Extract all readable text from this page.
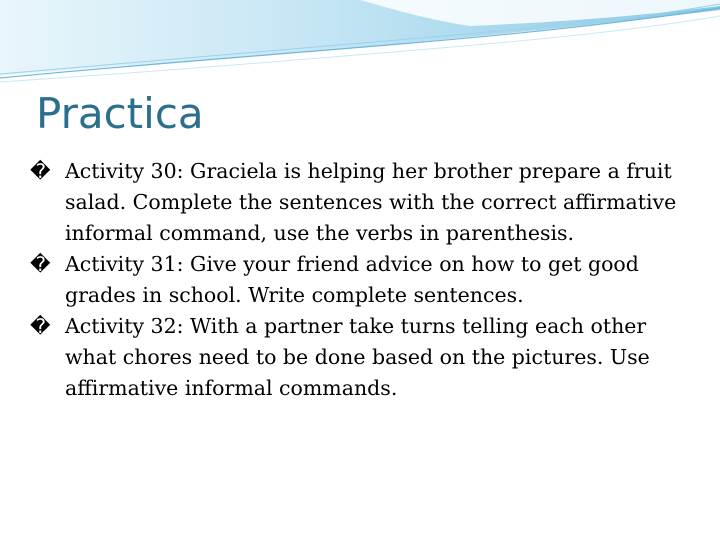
Practica
� Activity 30: Graciela is helping her brother prepare a fruit salad. Complete the sentences with the correct affirmative informal command, use the verbs in parenthesis.
� Activity 31: Give your friend advice on how to get good grades in school. Write complete sentences.
� Activity 32: With a partner take turns telling each other what chores need to be done based on the pictures. Use affirmative informal commands.
